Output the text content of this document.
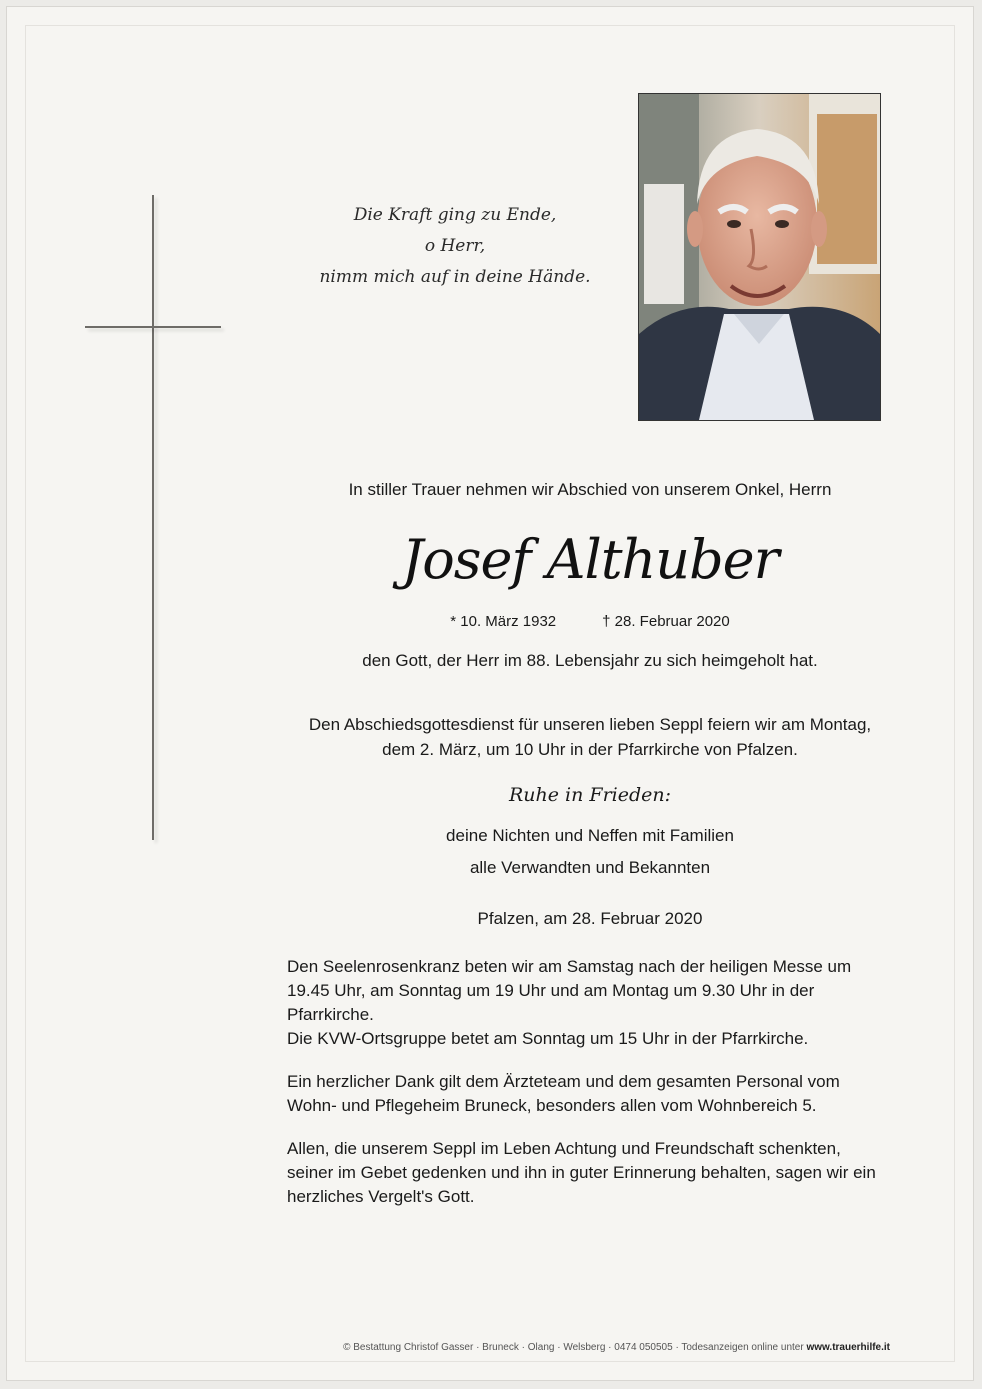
Die Kraft ging zu Ende,
o Herr,
nimm mich auf in deine Hände.
In stiller Trauer nehmen wir Abschied von unserem Onkel, Herrn
Josef Althuber
* 10. März 1932	† 28. Februar 2020
den Gott, der Herr im 88. Lebensjahr zu sich heimgeholt hat.
Den Abschiedsgottesdienst für unseren lieben Seppl feiern wir am Montag,
dem 2. März, um 10 Uhr in der Pfarrkirche von Pfalzen.
Ruhe in Frieden:
deine Nichten und Neffen mit Familien
alle Verwandten und Bekannten
Pfalzen, am 28. Februar 2020

Den Seelenrosenkranz beten wir am Samstag nach der heiligen Messe um

19.45 Uhr, am Sonntag um 19 Uhr und am Montag um 9.30 Uhr in der

Pfarrkirche.

Die KVW-Ortsgruppe betet am Sonntag um 15 Uhr in der Pfarrkirche.

Ein herzlicher Dank gilt dem Ärzteteam und dem gesamten Personal vom

Wohn- und Pflegeheim Bruneck, besonders allen vom Wohnbereich 5.

Allen, die unserem Seppl im Leben Achtung und Freundschaft schenkten,

seiner im Gebet gedenken und ihn in guter Erinnerung behalten, sagen wir ein

herzliches Vergelt's Gott.

© Bestattung Christof Gasser · Bruneck · Olang · Welsberg · 0474 050505 · Todesanzeigen online unter www.trauerhilfe.it
